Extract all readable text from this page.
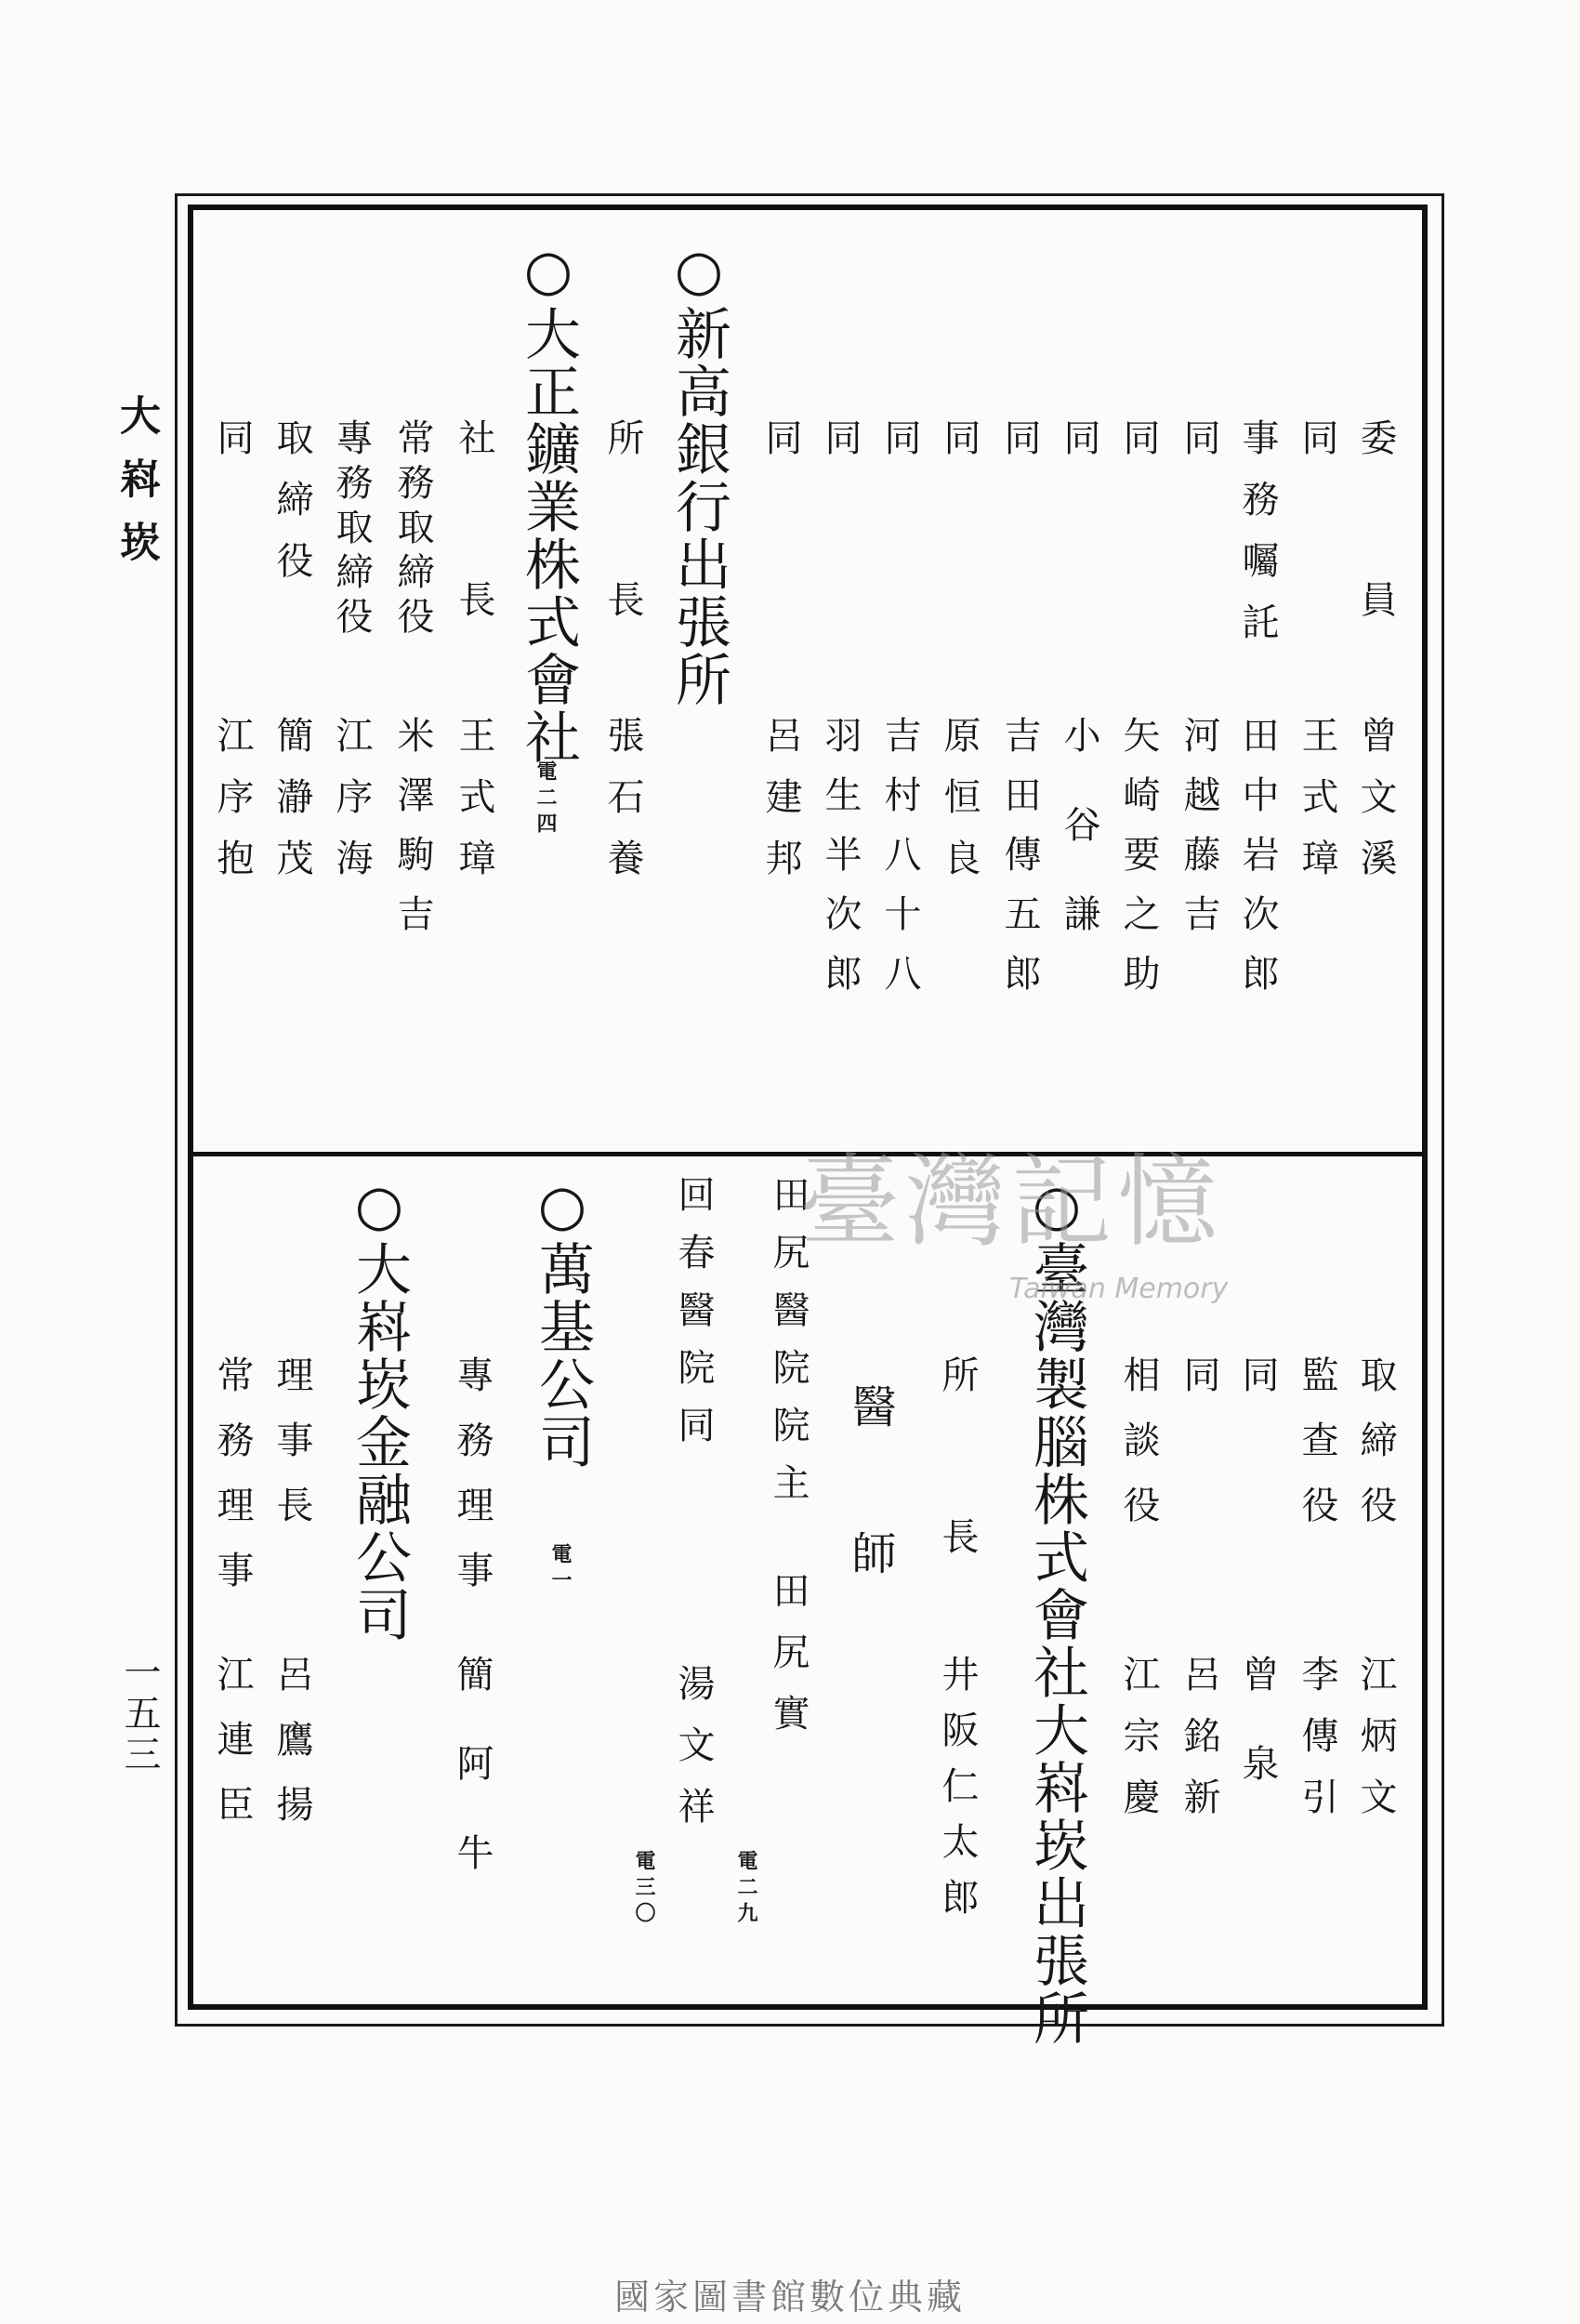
大嵙崁
一五三
委員
曾文溪
同
王式璋
事務囑託
田中岩次郎
同
河越藤吉
同
矢崎要之助
同
小谷謙
同
吉田傳五郎
同
原恒良
同
吉村八十八
同
羽生半次郎
同
呂建邦
○新高銀行出張所
所長
張石養
○大正鑛業株式會社
電二四
社長
王式璋
常務取締役
米澤駒吉
專務取締役
江序海
取締役
簡瀞茂
同
江序抱
取締役
江炳文
監查役
李傳引
同
曾泉
同
呂銘新
相談役
江宗慶
○臺灣製腦株式會社大嵙崁出張所
所長
井阪仁太郎
醫師
田尻醫院院主
田尻實
電二九
回春醫院同
湯文祥
電三〇
○萬基公司
電一
專務理事
簡阿牛
○大嵙崁金融公司
理事長
呂鷹揚
常務理事
江連臣
臺灣記憶
Taiwan Memory
國家圖書館數位典藏
